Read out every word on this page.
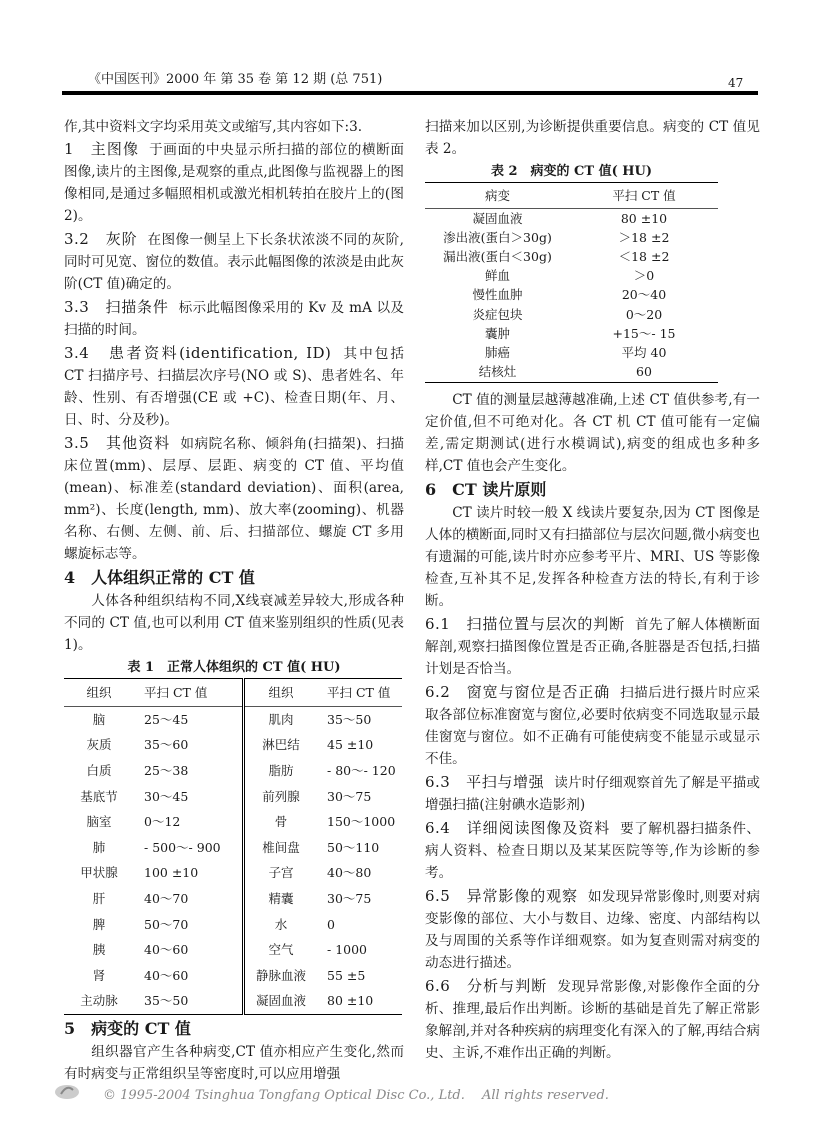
《中国医刊》2000 年 第 35 卷 第 12 期 (总 751)	47
作,其中资料文字均采用英文或缩写,其内容如下:3.
1　 主图像 于画面的中央显示所扫描的部位的横断面图像,读片的主图像,是观察的重点,此图像与监视器上的图像相同,是通过多幅照相机或激光相机转拍在胶片上的(图 2)。
3.2　 灰阶 在图像一侧呈上下长条状浓淡不同的灰阶,同时可见宽、窗位的数值。表示此幅图像的浓淡是由此灰阶(CT 值)确定的。
3.3　 扫描条件 标示此幅图像采用的 Kv 及 mA 以及扫描的时间。
3.4　 患者资料(identification, ID) 其中包括 CT 扫描序号、扫描层次序号(NO 或 S)、患者姓名、年龄、性别、有否增强(CE 或 +C)、检查日期(年、月、日、时、分及秒)。
3.5　 其他资料 如病院名称、倾斜角(扫描架)、扫描床位置(mm)、层厚、层距、病变的 CT 值、平均值(mean)、标准差(standard deviation)、面积(area, mm²)、长度(length, mm)、放大率(zooming)、机器名称、右侧、左侧、前、后、扫描部位、螺旋 CT 多用螺旋标志等。
4　人体组织正常的 CT 值
人体各种组织结构不同,X线衰减差异较大,形成各种不同的 CT 值,也可以利用 CT 值来鉴别组织的性质(见表 1)。
表 1　正常人体组织的 CT 值( HU)
组织	平扫 CT 值	组织	平扫 CT 值
脑	25～45	肌肉	35～50
灰质	35～60	淋巴结	45 ±10
白质	25～38	脂肪	- 80～- 120
基底节	30～45	前列腺	30～75
脑室	0～12	骨	150～1000
肺	- 500～- 900	椎间盘	50～110
甲状腺	100 ±10	子宫	40～80
肝	40～70	精囊	30～75
脾	50～70	水	0
胰	40～60	空气	- 1000
肾	40～60	静脉血液	55 ±5
主动脉	35～50	凝固血液	80 ±10
5　病变的 CT 值
组织器官产生各种病变,CT 值亦相应产生变化,然而有时病变与正常组织呈等密度时,可以应用增强
扫描来加以区别,为诊断提供重要信息。病变的 CT 值见表 2。
表 2　病变的 CT 值( HU)
病变	平扫 CT 值
凝固血液	80 ±10
渗出液(蛋白＞30g)	＞18 ±2
漏出液(蛋白＜30g)	＜18 ±2
鲜血	＞0
慢性血肿	20～40
炎症包块	0～20
囊肿	+15～- 15
肺癌	平均 40
结核灶	60
CT 值的测量层越薄越准确,上述 CT 值供参考,有一定价值,但不可绝对化。各 CT 机 CT 值可能有一定偏差,需定期测试(进行水模调试),病变的组成也多种多样,CT 值也会产生变化。
6　CT 读片原则
CT 读片时较一般 X 线读片要复杂,因为 CT 图像是人体的横断面,同时又有扫描部位与层次问题,微小病变也有遗漏的可能,读片时亦应参考平片、MRI、US 等影像检查,互补其不足,发挥各种检查方法的特长,有利于诊断。
6.1　 扫描位置与层次的判断 首先了解人体横断面解剖,观察扫描图像位置是否正确,各脏器是否包括,扫描计划是否恰当。
6.2　 窗宽与窗位是否正确 扫描后进行摄片时应采取各部位标准窗宽与窗位,必要时依病变不同选取显示最佳窗宽与窗位。如不正确有可能使病变不能显示或显示不佳。
6.3　 平扫与增强 读片时仔细观察首先了解是平描或增强扫描(注射碘水造影剂)
6.4　 详细阅读图像及资料 要了解机器扫描条件、病人资料、检查日期以及某某医院等等,作为诊断的参考。
6.5　 异常影像的观察 如发现异常影像时,则要对病变影像的部位、大小与数目、边缘、密度、内部结构以及与周围的关系等作详细观察。如为复查则需对病变的动态进行描述。
6.6　 分析与判断 发现异常影像,对影像作全面的分析、推理,最后作出判断。诊断的基础是首先了解正常影象解剖,并对各种疾病的病理变化有深入的了解,再结合病史、主诉,不难作出正确的判断。
© 1995-2004 Tsinghua Tongfang Optical Disc Co., Ltd.　 All rights reserved.
